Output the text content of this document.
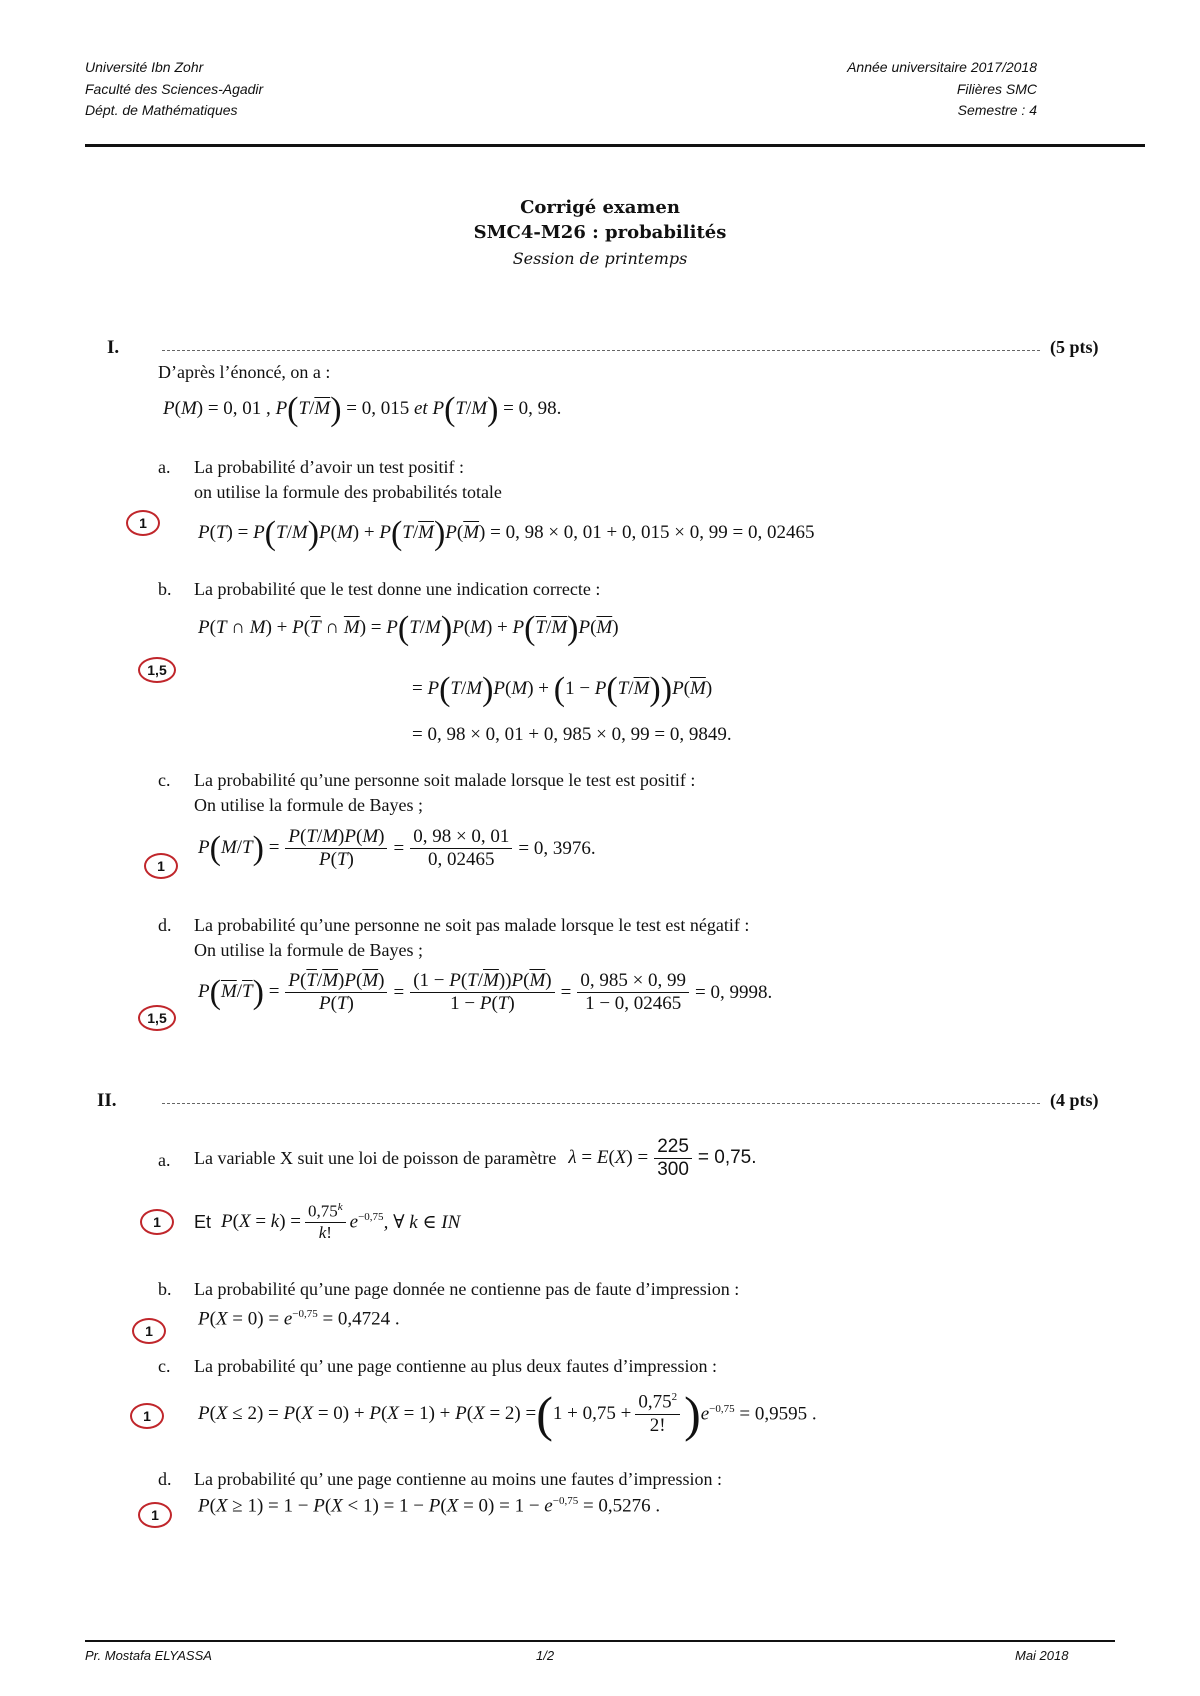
Université Ibn Zohr
Faculté des Sciences-Agadir
Dépt. de Mathématiques
Année universitaire 2017/2018
Filières SMC
Semestre : 4
Corrigé examen
SMC4-M26 : probabilités
Session de printemps
I.	(5 pts)
D’après l’énoncé, on a :
P(M) = 0, 01 , $P(T/\overline{M}) = 0$, 015 et P(T/M) = 0, 98.
a. La probabilité d’avoir un test positif :
on utilise la formule des probabilités totale
1	$P(T) = P(T/M)P(M) + P(T/\overline{M})P(\overline{M}) = 0$, 98 × 0, 01 + 0, 015 × 0, 99 = 0, 02465
b. La probabilité que le test donne une indication correcte :
P(T ∩ $M) + P(\overline{T}$ ∩ $\overline{M}) = P(T/M)P(M) + P(\overline{T}/\overline{M})P(\overline{M})$
1,5
= $P(T/M)P(M) + (1 - P(T/\overline{M}))P(\overline{M})$
= 0, 98 × 0, 01 + 0, 985 × 0, 99 = 0, 9849.
c. La probabilité qu’une personne soit malade lorsque le test est positif :
On utilise la formule de Bayes ;
1
$P(M/T) = \frac{P(T/M)P(M)}{P(T)} = \frac{0, 98 \times 0, 01}{0, 02465} = 0$, 3976.
d. La probabilité qu’une personne ne soit pas malade lorsque le test est négatif :
On utilise la formule de Bayes ;
1,5
$P(\overline{M}/\overline{T}) = \frac{P(\overline{T}/\overline{M})P(\overline{M})}{P(\overline{T})} = \frac{(1 - P(T/\overline{M}))P(\overline{M})}{1 - P(T)} = \frac{0, 985 \times 0, 99}{1 - 0, 02465} = 0$, 9998.
II.	(4 pts)
a. La variable X suit une loi de poisson de paramètre $\lambda = E(X) = \frac{225}{300} = 0,75$.
1	Et $P(X = k) = \frac{0,75^k}{k!} e^{-0,75}$ , ∀ k ∈ IN
b. La probabilité qu’une page donnée ne contienne pas de faute d’impression :
1
$P(X = 0) = e^{-0,75} = 0,4724$ .
c. La probabilité qu’ une page contienne au plus deux fautes d’impression :
1	P(X ≤ 2) = P(X = 0) + P(X = 1) + P(X = 2) = ( $1 + 0,75 + \frac{0,75^2}{2!}$ ) $e^{-0,75} = 0,9595$ .
d. La probabilité qu’ une page contienne au moins une fautes d’impression :
1	$P(X \ge 1) = 1 - P(X < 1) = 1 - P(X = 0) = 1 - e^{-0,75} = 0,5276$ .
Pr. Mostafa ELYASSA	1/2	Mai 2018
